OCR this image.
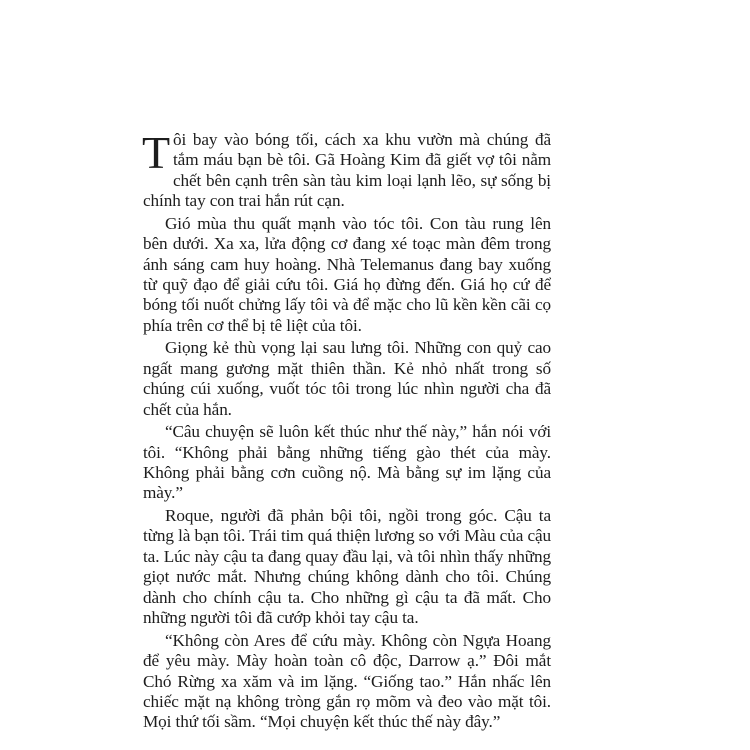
Tôi bay vào bóng tối, cách xa khu vườn mà chúng đã tắm máu bạn bè tôi. Gã Hoàng Kim đã giết vợ tôi nằm chết bên cạnh trên sàn tàu kim loại lạnh lẽo, sự sống bị chính tay con trai hắn rút cạn.

Gió mùa thu quất mạnh vào tóc tôi. Con tàu rung lên bên dưới. Xa xa, lửa động cơ đang xé toạc màn đêm trong ánh sáng cam huy hoàng. Nhà Telemanus đang bay xuống từ quỹ đạo để giải cứu tôi. Giá họ đừng đến. Giá họ cứ để bóng tối nuốt chửng lấy tôi và để mặc cho lũ kền kền cãi cọ phía trên cơ thể bị tê liệt của tôi.

Giọng kẻ thù vọng lại sau lưng tôi. Những con quỷ cao ngất mang gương mặt thiên thần. Kẻ nhỏ nhất trong số chúng cúi xuống, vuốt tóc tôi trong lúc nhìn người cha đã chết của hắn.

“Câu chuyện sẽ luôn kết thúc như thế này,” hắn nói với tôi. “Không phải bằng những tiếng gào thét của mày. Không phải bằng cơn cuồng nộ. Mà bằng sự im lặng của mày.”

Roque, người đã phản bội tôi, ngồi trong góc. Cậu ta từng là bạn tôi. Trái tim quá thiện lương so với Màu của cậu ta. Lúc này cậu ta đang quay đầu lại, và tôi nhìn thấy những giọt nước mắt. Nhưng chúng không dành cho tôi. Chúng dành cho chính cậu ta. Cho những gì cậu ta đã mất. Cho những người tôi đã cướp khỏi tay cậu ta.

“Không còn Ares để cứu mày. Không còn Ngựa Hoang để yêu mày. Mày hoàn toàn cô độc, Darrow ạ.” Đôi mắt Chó Rừng xa xăm và im lặng. “Giống tao.” Hắn nhấc lên chiếc mặt nạ không tròng gắn rọ mõm và đeo vào mặt tôi. Mọi thứ tối sầm. “Mọi chuyện kết thúc thế này đây.”
